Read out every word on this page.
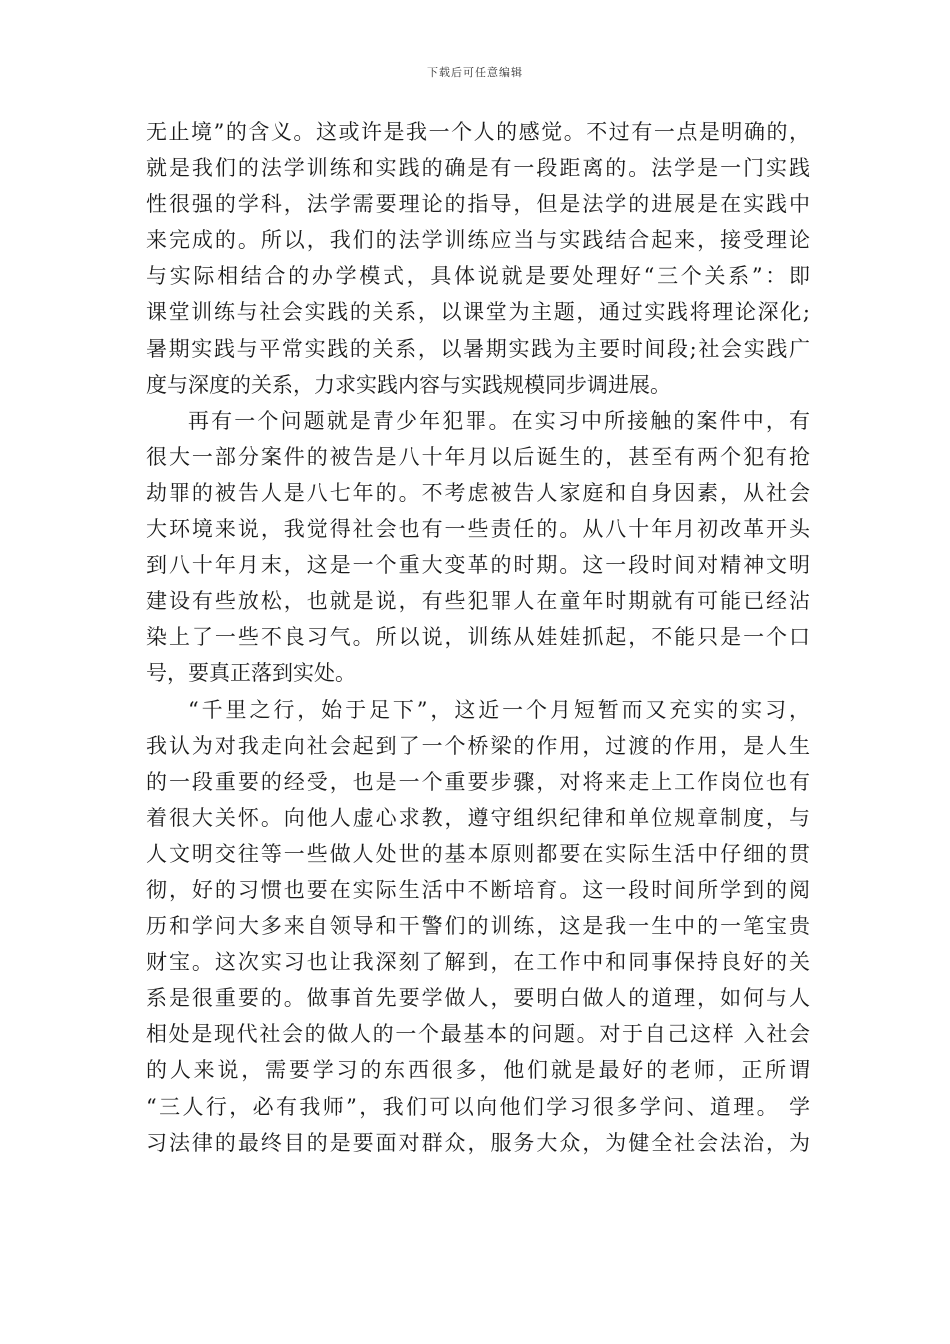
下载后可任意编辑
无止境”的含义。这或许是我一个人的感觉。不过有一点是明确的，
就是我们的法学训练和实践的确是有一段距离的。法学是一门实践
性很强的学科，法学需要理论的指导，但是法学的进展是在实践中
来完成的。所以，我们的法学训练应当与实践结合起来，接受理论
与实际相结合的办学模式，具体说就是要处理好“三个关系”：即
课堂训练与社会实践的关系，以课堂为主题，通过实践将理论深化;
暑期实践与平常实践的关系，以暑期实践为主要时间段;社会实践广
度与深度的关系，力求实践内容与实践规模同步调进展。
再有一个问题就是青少年犯罪。在实习中所接触的案件中，有
很大一部分案件的被告是八十年月以后诞生的，甚至有两个犯有抢
劫罪的被告人是八七年的。不考虑被告人家庭和自身因素，从社会
大环境来说，我觉得社会也有一些责任的。从八十年月初改革开头
到八十年月末，这是一个重大变革的时期。这一段时间对精神文明
建设有些放松，也就是说，有些犯罪人在童年时期就有可能已经沾
染上了一些不良习气。所以说，训练从娃娃抓起，不能只是一个口
号，要真正落到实处。
“千里之行，始于足下”，这近一个月短暂而又充实的实习，
我认为对我走向社会起到了一个桥梁的作用，过渡的作用，是人生
的一段重要的经受，也是一个重要步骤，对将来走上工作岗位也有
着很大关怀。向他人虚心求教，遵守组织纪律和单位规章制度，与
人文明交往等一些做人处世的基本原则都要在实际生活中仔细的贯
彻，好的习惯也要在实际生活中不断培育。这一段时间所学到的阅
历和学问大多来自领导和干警们的训练，这是我一生中的一笔宝贵
财宝。这次实习也让我深刻了解到，在工作中和同事保持良好的关
系是很重要的。做事首先要学做人，要明白做人的道理，如何与人
相处是现代社会的做人的一个最基本的问题。对于自己这样 入社会
的人来说，需要学习的东西很多，他们就是最好的老师，正所谓
“三人行，必有我师”，我们可以向他们学习很多学问、道理。 学
习法律的最终目的是要面对群众，服务大众，为健全社会法治，为
